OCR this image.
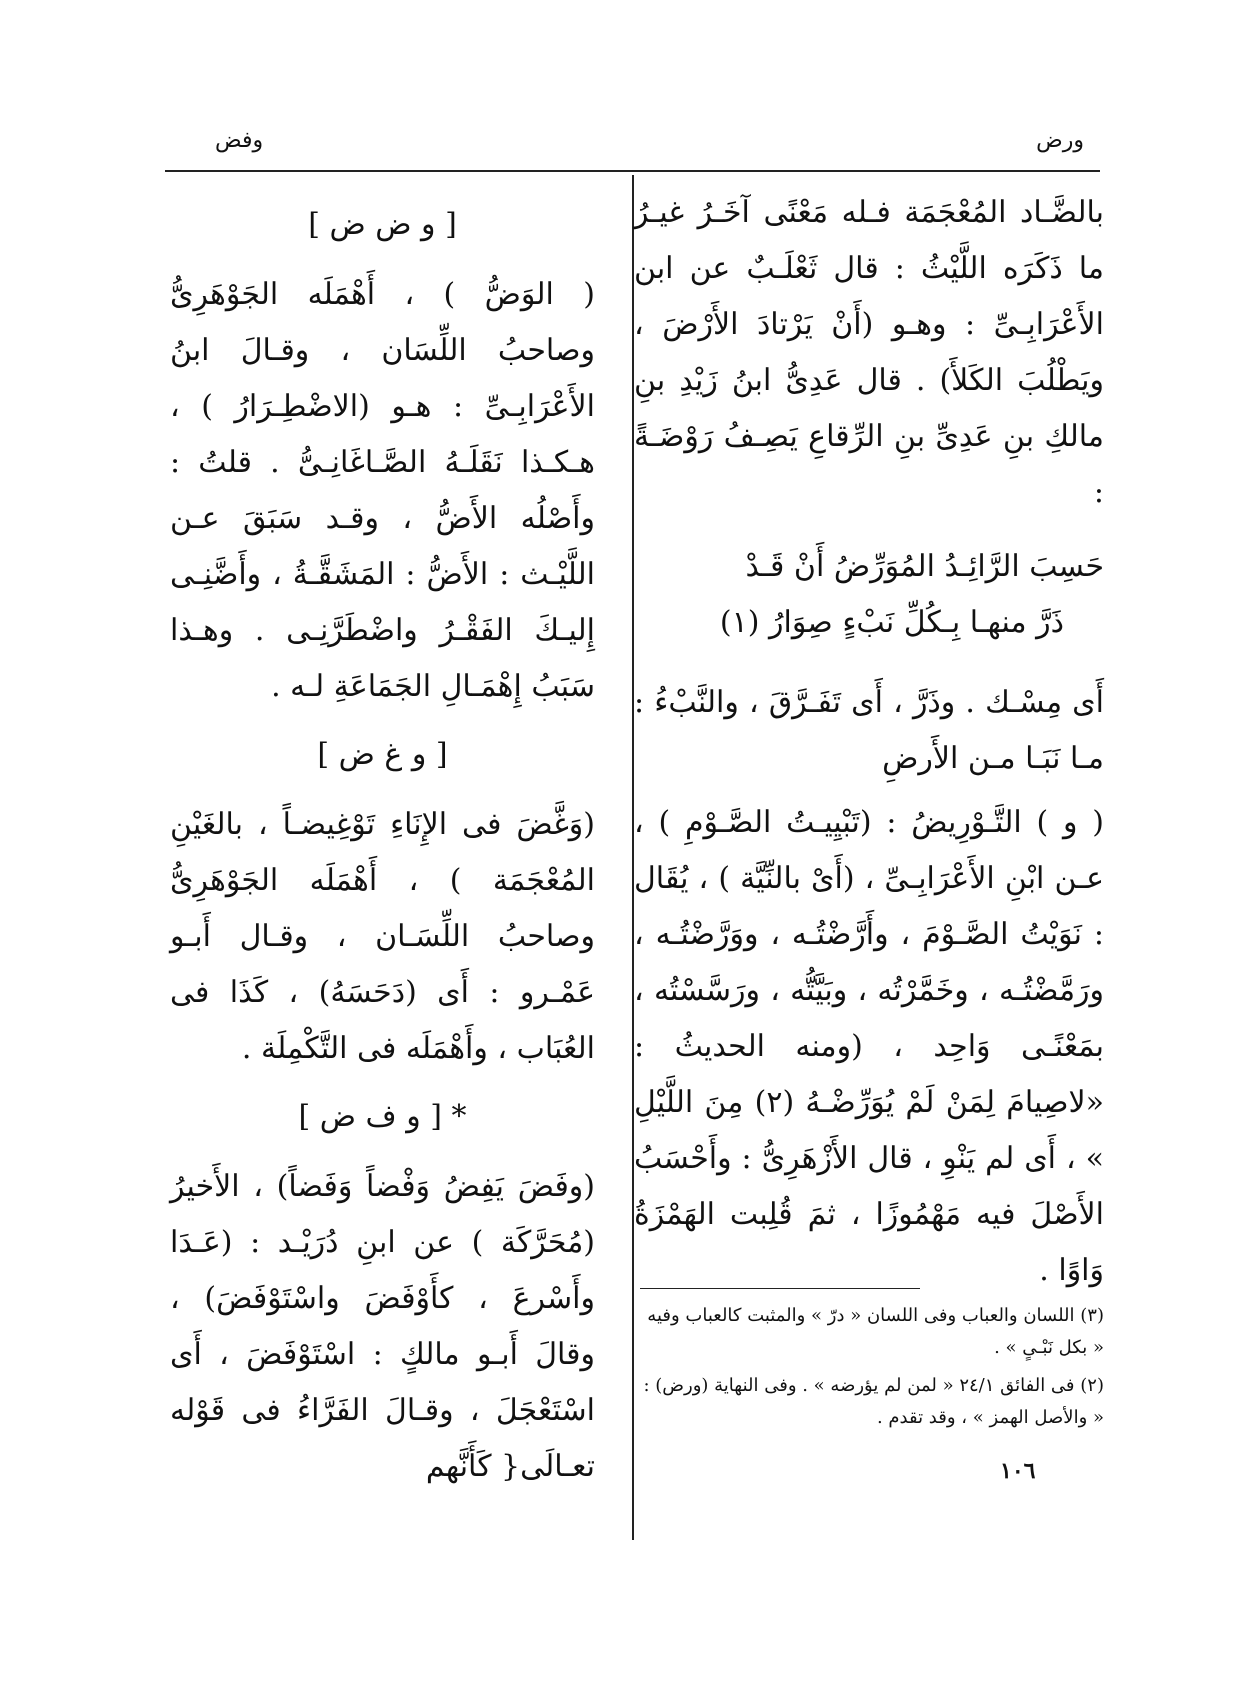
ورض
وفض

بالضَّـاد المُعْجَمَة فـله مَعْنًى آخَـرُ غيـرُ ما ذَكَرَه اللَّيْثُ : قال ثَعْلَـبٌ عن ابن الأَعْرَابِـىِّ : وهـو (أَنْ يَرْتادَ الأَرْضَ ، ويَطْلُبَ الكَلأَ) . قال عَدِىُّ ابنُ زَيْدِ بنِ مالكِ بنِ عَدِىِّ بنِ الرِّقاعِ يَصِـفُ رَوْضَـةً :

حَسِبَ الرَّائِـدُ المُوَرِّضُ أَنْ قَـدْ
ذَرَّ منهـا بِـكُلِّ نَبْءٍ صِوَارُ (١)

أَى مِسْـك . وذَرَّ ، أَى تَفَـرَّقَ ، والنَّبْءُ : مـا نَبَـا مـن الأَرضِ

( و ) التَّـوْرِيضُ : (تَبْيِيـتُ الصَّـوْمِ ) ، عـن ابْنِ الأَعْرَابِـىِّ ، (أَىْ بالنِّيَّة ) ، يُقَال : نَوَيْتُ الصَّـوْمَ ، وأَرَّضْتُـه ، ووَرَّضْتُـه ، ورَمَّضْتُـه ، وخَمَّرْتُه ، وبَيَّتُّه ، ورَسَّسْتُه ، بمَعْنًـى وَاحِد ، (ومنه الحديثُ : «لاصِيامَ لِمَنْ لَمْ يُوَرِّضْـهُ (٢) مِنَ اللَّيْلِ » ، أَى لم يَنْوِ ، قال الأَزْهَرِىُّ : وأَحْسَبُ الأَصْلَ فيه مَهْمُوزًا ، ثمَ قُلِبت الهَمْزَةُ وَاوًا .

[ و ض ض ]

( الوَضُّ ) ، أَهْمَلَه الجَوْهَرِىُّ وصاحبُ اللِّسَان ، وقـالَ ابنُ الأَعْرَابِـىِّ : هـو (الاضْطِـرَارُ ) ، هـكـذا نَقَلَـهُ الصَّـاغَانِـىُّ . قلتُ : وأَصْلُه الأَضُّ ، وقـد سَبَقَ عـن اللَّيْـث : الأَضُّ : المَشَقَّـةُ ، وأَضَّنِـى إِليـكَ الفَقْـرُ واضْطَرَّنِـى . وهـذا سَبَبُ إِهْمَـالِ الجَمَاعَةِ لـه .

[ و غ ض ]

(وَغَّضَ فى الإِنَاءِ تَوْغِيضـاً ، بالغَيْنِ المُعْجَمَة ) ، أَهْمَلَه الجَوْهَرِىُّ وصاحبُ اللِّسَـان ، وقـال أَبـو عَمْـرو : أَى (دَحَسَهُ) ، كَذَا فى العُبَاب ، وأَهْمَلَه فى التَّكْمِلَة .

* [ و ف ض ]

(وفَضَ يَفِضُ وَفْضاً وَفَضاً) ، الأَخيرُ (مُحَرَّكَة ) عن ابنِ دُرَيْـد : (عَـدَا وأَسْرعَ ، كأَوْفَضَ واسْتَوْفَضَ) ، وقالَ أَبـو مالكٍ : اسْتَوْفَضَ ، أَى اسْتَعْجَلَ ، وقـالَ الفَرَّاءُ فى قَوْله تعـالَى{ كَأَنَّهم

(٣) اللسان والعباب وفى اللسان « درّ » والمثبت كالعباب وفيه « بكل نَبْـىٍ » .
(٢) فى الفائق ٢٤/١ « لمن لم يؤرضه » . وفى النهاية (ورض) : « والأصل الهمز » ، وقد تقدم .
١٠٦
